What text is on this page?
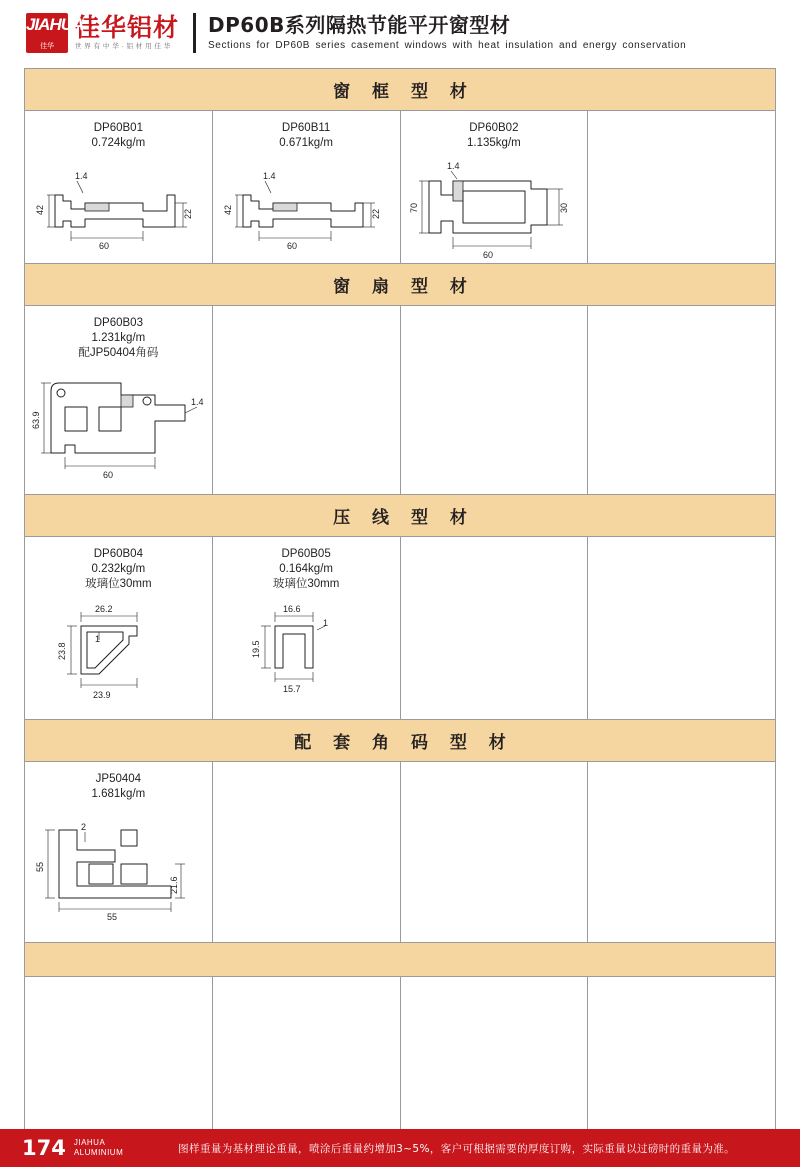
JIAHUA
佳华
佳华铝材
世 界 有 中 华 · 铝 材 用 佳 华
DP60B系列隔热节能平开窗型材
Sections for DP60B series casement windows with heat insulation and energy conservation
窗 框 型 材
DP60B01
0.724kg/m
42	22
60
1.4
DP60B11
0.671kg/m
42	22
60
1.4
DP60B02
1.135kg/m
70	30
60
1.4
窗 扇 型 材
DP60B03
1.231kg/m
配JP50404角码
63.9
1.4
60
压 线 型 材
DP60B04
0.232kg/m
玻璃位30mm
26.2
23.8
1
23.9
DP60B05
0.164kg/m
玻璃位30mm
16.6
19.5
1
15.7
配 套 角 码 型 材
JP50404
1.681kg/m
55
2
21.6
55
174 JIAHUA
ALUMINIUM	图样重量为基材理论重量，喷涂后重量约增加3~5%，客户可根据需要的厚度订购，实际重量以过磅时的重量为准。
